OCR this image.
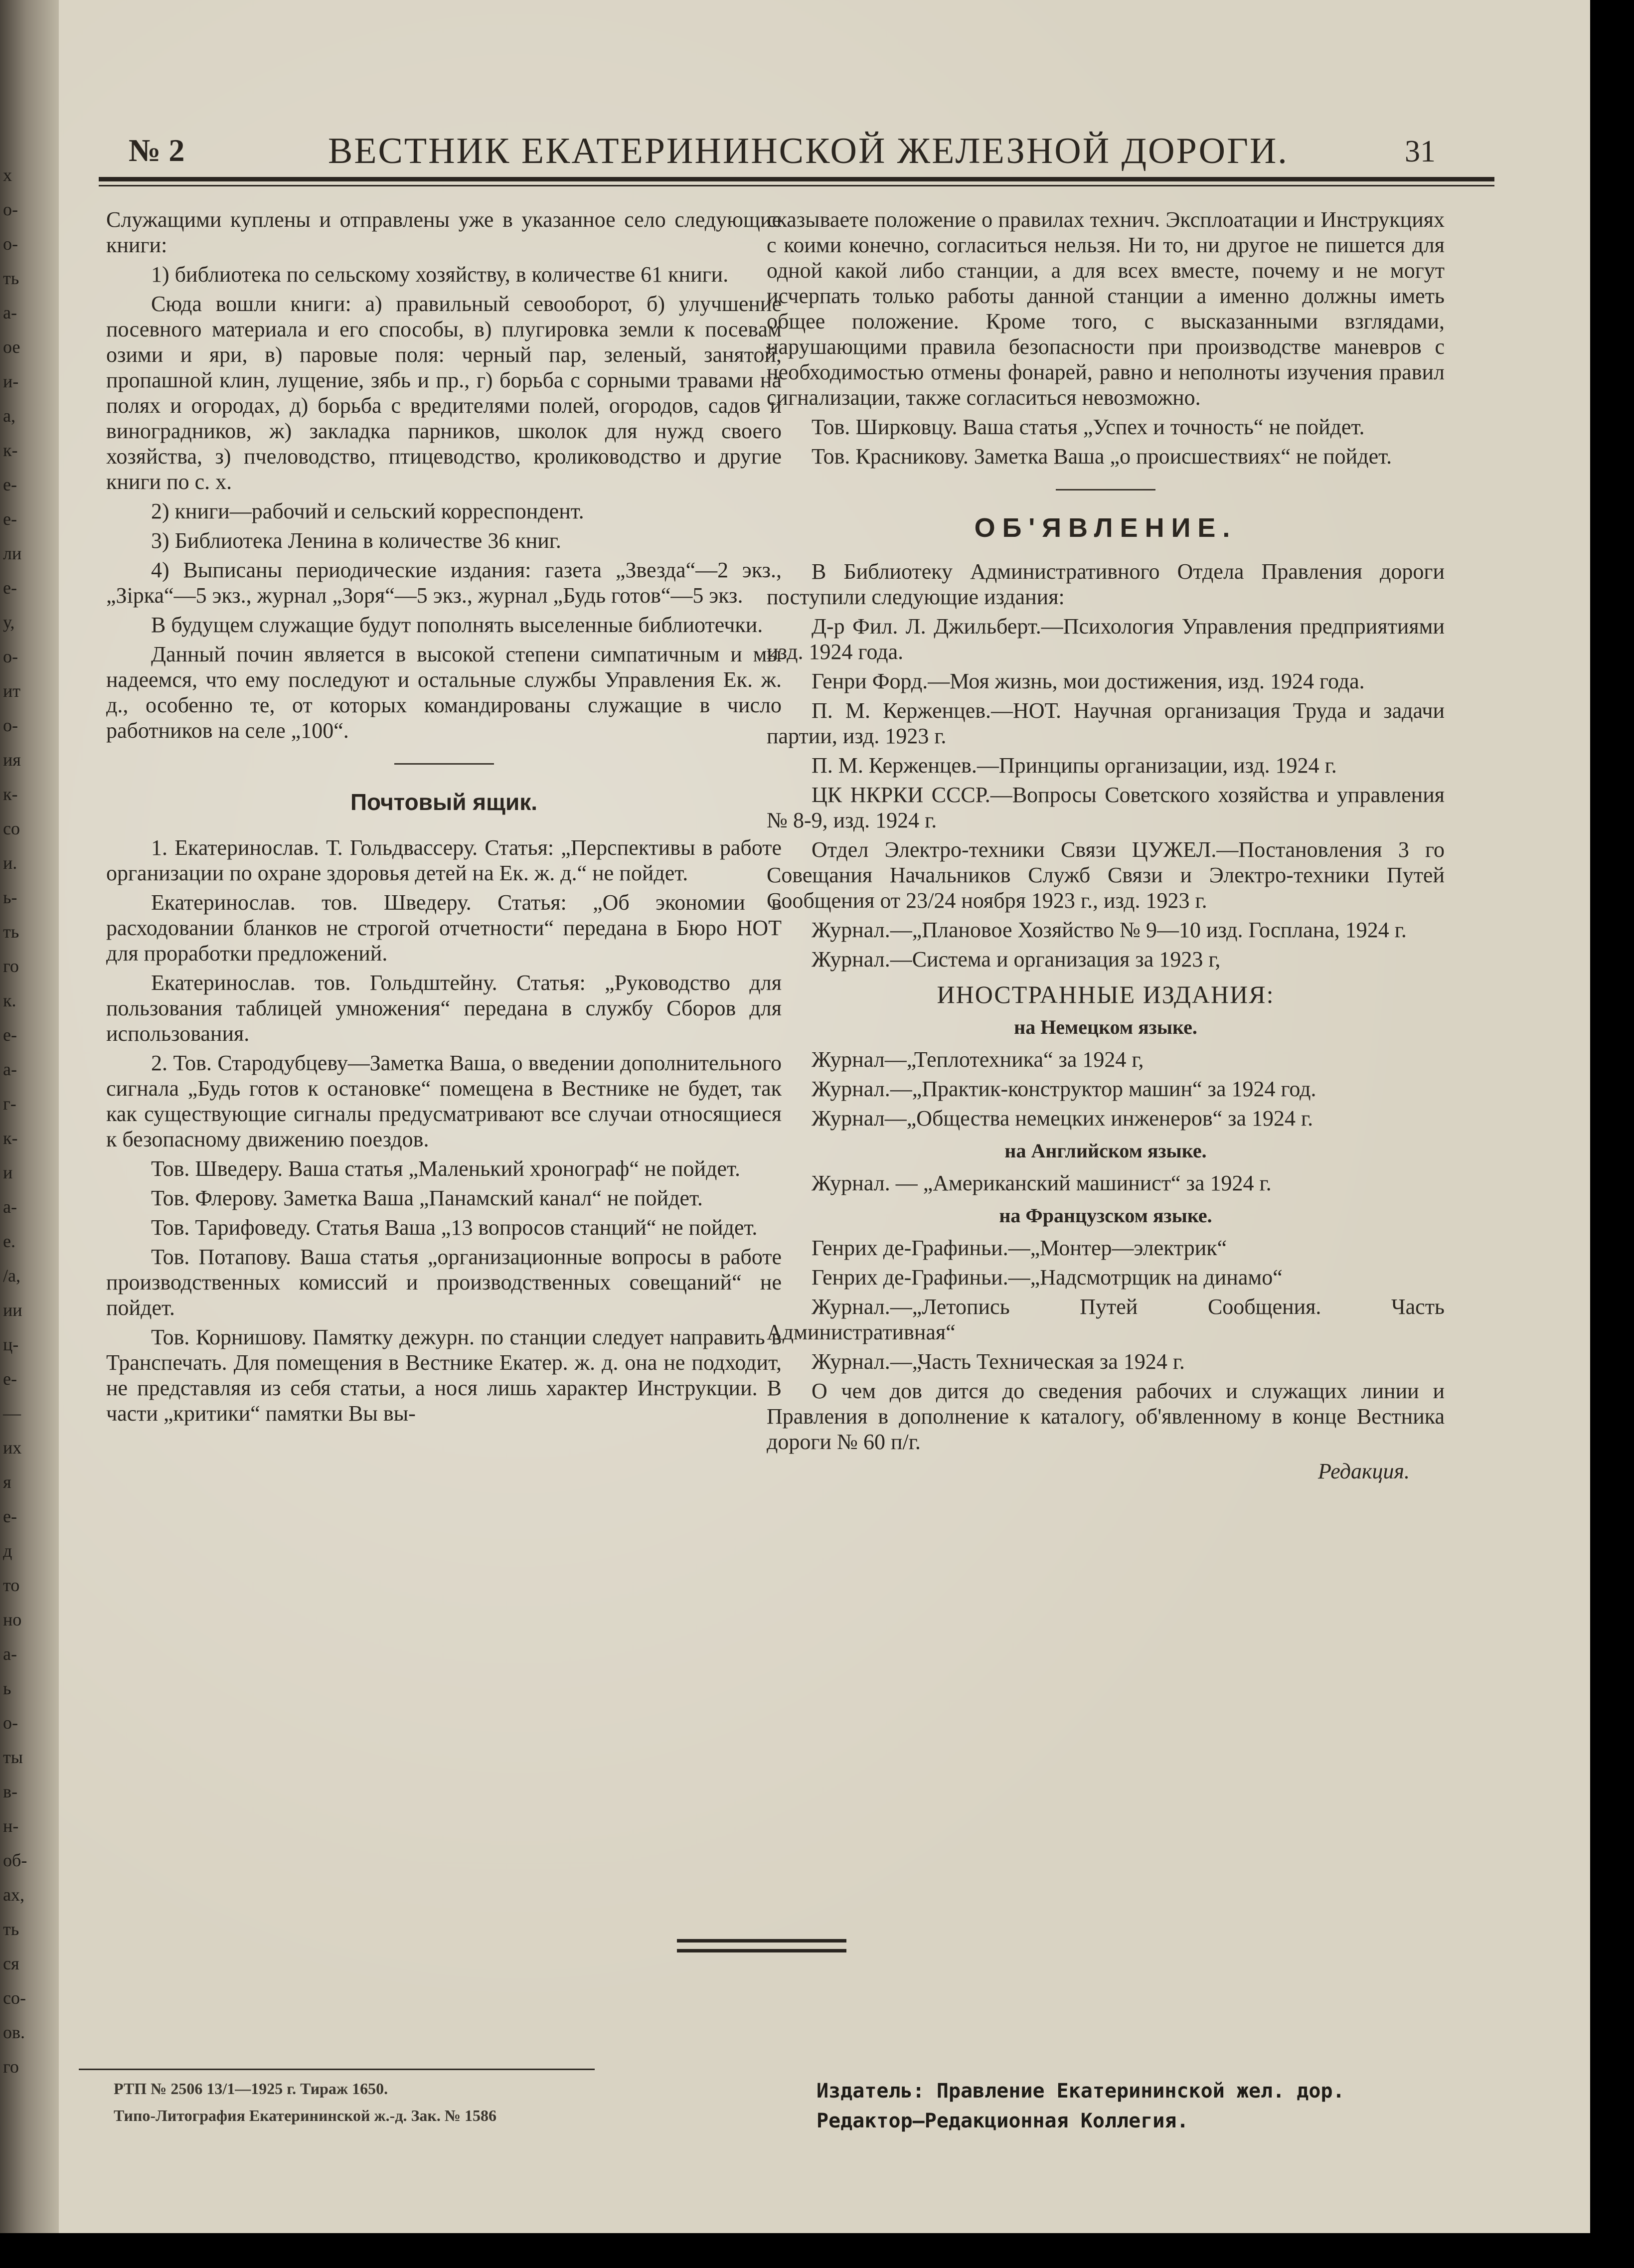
х
о-
о-
ть
а-
ое
и-
а,
к-
е-
е-
ли
е-
у,
о-
ит
о-
ия
к-
со
и.
ь-
ть
го
к.
е-
а-
г-
к-
и
а-
е.
/а,
ии
ц-
е-
—
их
я
е-
д
то
но
а-
ь
о-
ты
в-
н-
об-
ах,
ть
ся
со-
ов.
го
№ 2	ВЕСТНИК ЕКАТЕРИНИНСКОЙ ЖЕЛЕЗНОЙ ДОРОГИ.	31

Служащими куплены и отправлены уже в указанное село следующие книги:

1) библиотека по сельскому хозяйству, в количестве 61 книги.

Сюда вошли книги: а) правильный севооборот, б) улучшение посевного материала и его способы, в) плугировка земли к посевам озими и яри, в) паровые поля: черный пар, зеленый, занятой, пропашной клин, лущение, зябь и пр., г) борьба с сорными травами на полях и огородах, д) борьба с вредителями полей, огородов, садов и виноградников, ж) закладка парников, школок для нужд своего хозяйства, з) пчеловодство, птицеводство, кролиководство и другие книги по с. х.

2) книги—рабочий и сельский корреспондент.

3) Библиотека Ленина в количестве 36 книг.

4) Выписаны периодические издания: газета „Звезда“—2 экз., „Зірка“—5 экз., журнал „Зоря“—5 экз., журнал „Будь готов“—5 экз.

В будущем служащие будут пополнять выселенные библиотечки.

Данный почин является в высокой степени симпатичным и мы надеемся, что ему последуют и остальные службы Управления Ек. ж. д., особенно те, от которых командированы служащие в число работников на селе „100“.

Почтовый ящик.

1. Екатеринослав. Т. Гольдвассеру. Статья: „Перспективы в работе организации по охране здоровья детей на Ек. ж. д.“ не пойдет.

Екатеринослав. тов. Шведеру. Статья: „Об экономии в расходовании бланков не строгой отчетности“ передана в Бюро НОТ для проработки предложений.

Екатеринослав. тов. Гольдштейну. Статья: „Руководство для пользования таблицей умножения“ передана в службу Сборов для использования.

2. Тов. Стародубцеву—Заметка Ваша, о введении дополнительного сигнала „Будь готов к остановке“ помещена в Вестнике не будет, так как существующие сигналы предусматривают все случаи относящиеся к безопасному движению поездов.

Тов. Шведеру. Ваша статья „Маленький хронограф“ не пойдет.

Тов. Флерову. Заметка Ваша „Панамский канал“ не пойдет.

Тов. Тарифоведу. Статья Ваша „13 вопросов станций“ не пойдет.

Тов. Потапову. Ваша статья „организационные вопросы в работе производственных комиссий и производственных совещаний“ не пойдет.

Тов. Корнишову. Памятку дежурн. по станции следует направить в Транспечать. Для помещения в Вестнике Екатер. ж. д. она не подходит, не представляя из себя статьи, а нося лишь характер Инструкции. В части „критики“ памятки Вы вы-

сказываете положение о правилах технич. Эксплоатации и Инструкциях с коими конечно, согласиться нельзя. Ни то, ни другое не пишется для одной какой либо станции, а для всех вместе, почему и не могут исчерпать только работы данной станции а именно должны иметь общее положение. Кроме того, с высказанными взглядами, нарушающими правила безопасности при производстве маневров с необходимостью отмены фонарей, равно и неполноты изучения правил сигнализации, также согласиться невозможно.

Тов. Ширковцу. Ваша статья „Успех и точность“ не пойдет.

Тов. Красникову. Заметка Ваша „о происшествиях“ не пойдет.

ОБ'ЯВЛЕНИЕ.

В Библиотеку Административного Отдела Правления дороги поступили следующие издания:

Д-р Фил. Л. Джильберт.—Психология Управления предприятиями изд. 1924 года.

Генри Форд.—Моя жизнь, мои достижения, изд. 1924 года.

П. М. Керженцев.—НОТ. Научная организация Труда и задачи партии, изд. 1923 г.

П. М. Керженцев.—Принципы организации, изд. 1924 г.

ЦК НКРКИ СССР.—Вопросы Советского хозяйства и управления № 8-9, изд. 1924 г.

Отдел Электро-техники Связи ЦУЖЕЛ.—Постановления 3 го Совещания Начальников Служб Связи и Электро-техники Путей Сообщения от 23/24 ноября 1923 г., изд. 1923 г.

Журнал.—„Плановое Хозяйство № 9—10 изд. Госплана, 1924 г.

Журнал.—Система и организация за 1923 г,

ИНОСТРАННЫЕ ИЗДАНИЯ:
на Немецком языке.

Журнал—„Теплотехника“ за 1924 г,

Журнал.—„Практик-конструктор машин“ за 1924 год.

Журнал—„Общества немецких инженеров“ за 1924 г.

на Английском языке.

Журнал. — „Американский машинист“ за 1924 г.

на Французском языке.

Генрих де-Графиньи.—„Монтер—электрик“

Генрих де-Графиньи.—„Надсмотрщик на динамо“

Журнал.—„Летопись Путей Сообщения. Часть Административная“

Журнал.—„Часть Техническая за 1924 г.

О чем дов дится до сведения рабочих и служащих линии и Правления в дополнение к каталогу, об'явленному в конце Вестника дороги № 60 п/г.

Редакция.

РТП № 2506 13/1—1925 г. Тираж 1650.
Типо-Литография Екатерининской ж.-д. Зак. № 1586
Издатель: Правление Екатерининской жел. дор.
Редактор—Редакционная Коллегия.
